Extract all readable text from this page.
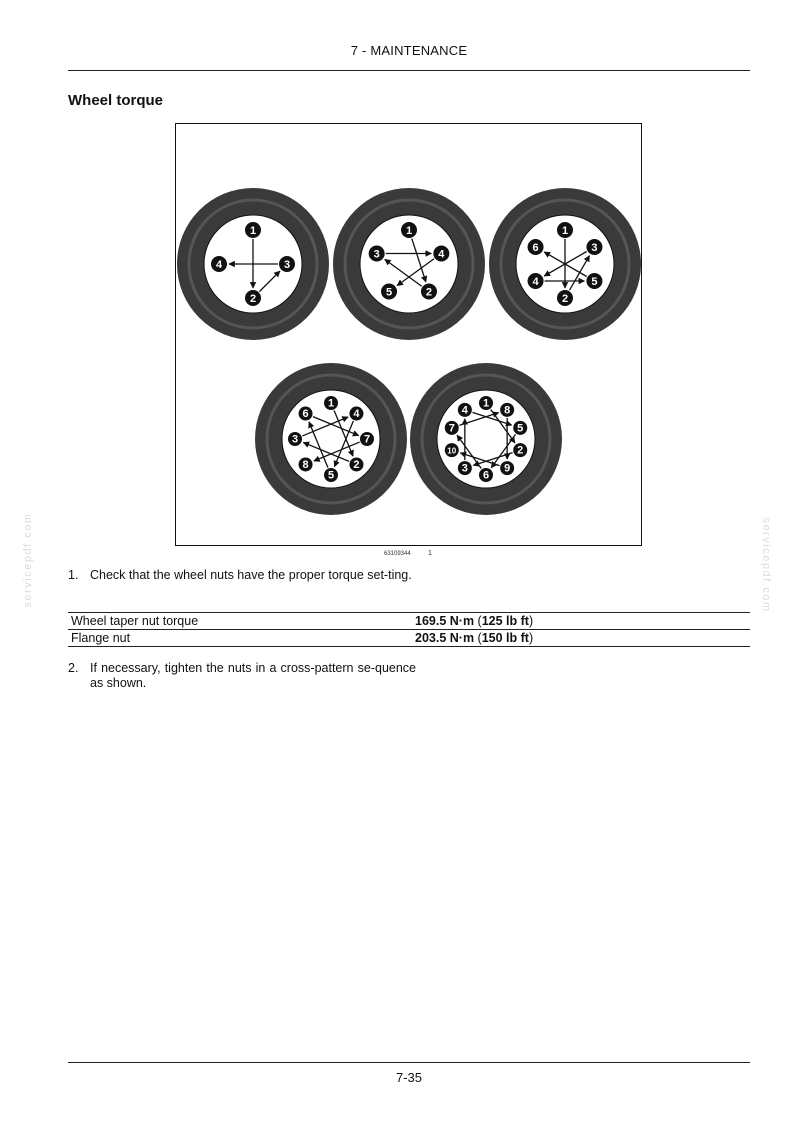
7 - MAINTENANCE
Wheel torque
1
2
3
4
1
2
3	4
5
1
2
3
4	5
6
1
2
3
4
5
6
7
8
1
2
3
4
5
6
7
8
9
10
63109344 1
1. Check that the wheel nuts have the proper torque set-ting.
Wheel taper nut torque	169.5 N·m (125 lb ft)
Flange nut	203.5 N·m (150 lb ft)
2. If necessary, tighten the nuts in a cross-pattern se-quence as shown.
servicepdf.com	servicepdf.com
7-35
